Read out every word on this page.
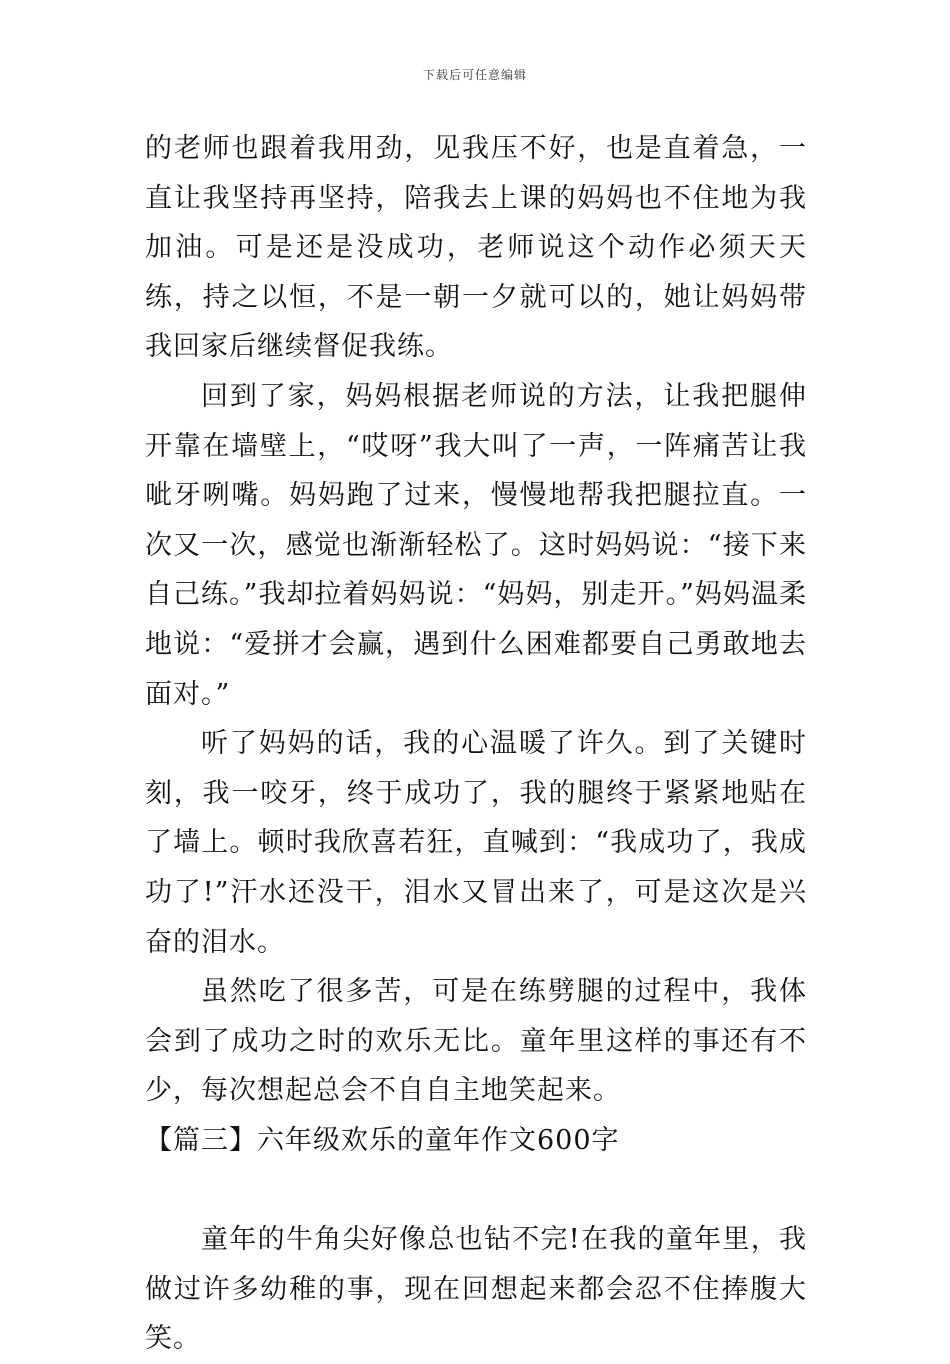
下载后可任意编辑

的老师也跟着我用劲，见我压不好，也是直着急，一直让我坚持再坚持，陪我去上课的妈妈也不住地为我加油。可是还是没成功，老师说这个动作必须天天练，持之以恒，不是一朝一夕就可以的，她让妈妈带我回家后继续督促我练。

回到了家，妈妈根据老师说的方法，让我把腿伸开靠在墙壁上，“哎呀”我大叫了一声，一阵痛苦让我呲牙咧嘴。妈妈跑了过来，慢慢地帮我把腿拉直。一次又一次，感觉也渐渐轻松了。这时妈妈说：“接下来自己练。”我却拉着妈妈说：“妈妈，别走开。”妈妈温柔地说：“爱拼才会赢，遇到什么困难都要自己勇敢地去面对。”

听了妈妈的话，我的心温暖了许久。到了关键时刻，我一咬牙，终于成功了，我的腿终于紧紧地贴在了墙上。顿时我欣喜若狂，直喊到：“我成功了，我成功了!”汗水还没干，泪水又冒出来了，可是这次是兴奋的泪水。

虽然吃了很多苦，可是在练劈腿的过程中，我体会到了成功之时的欢乐无比。童年里这样的事还有不少，每次想起总会不自自主地笑起来。

【篇三】六年级欢乐的童年作文600字

童年的牛角尖好像总也钻不完!在我的童年里，我做过许多幼稚的事，现在回想起来都会忍不住捧腹大笑。
